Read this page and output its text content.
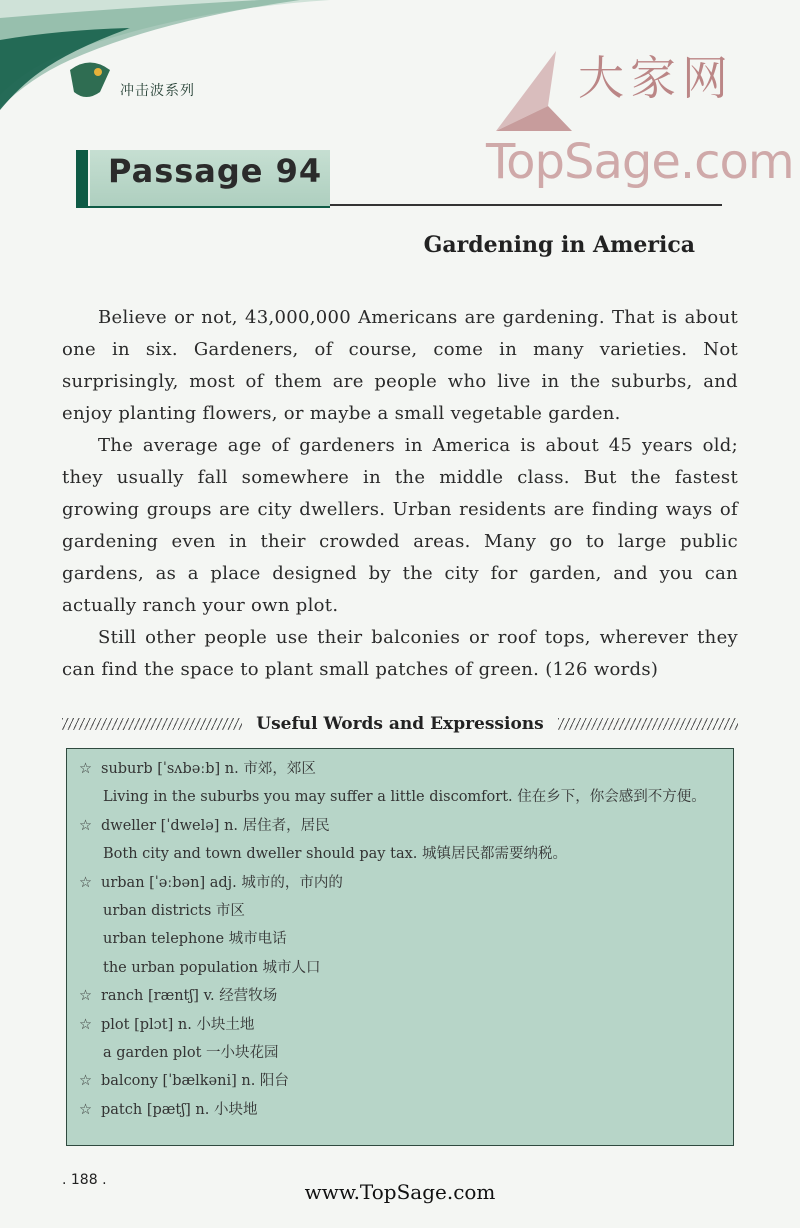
冲击波系列	大家网
TopSage.com
Passage 94
Gardening in America

Believe or not, 43,000,000 Americans are gardening. That is about one in six. Gardeners, of course, come in many varieties. Not surprisingly, most of them are people who live in the suburbs, and enjoy planting flowers, or maybe a small vegetable garden.

The average age of gardeners in America is about 45 years old; they usually fall somewhere in the middle class. But the fastest growing groups are city dwellers. Urban residents are finding ways of gardening even in their crowded areas. Many go to large public gardens, as a place designed by the city for garden, and you can actually ranch your own plot.

Still other people use their balconies or roof tops, wherever they can find the space to plant small patches of green. (126 words)

Useful Words and Expressions
☆ suburb [ˈsʌbəːb] n. 市郊，郊区
Living in the suburbs you may suffer a little discomfort. 住在乡下，你会感到不方便。
☆ dweller [ˈdwelə] n. 居住者，居民
Both city and town dweller should pay tax. 城镇居民都需要纳税。
☆ urban [ˈəːbən] adj. 城市的，市内的
urban districts 市区
urban telephone 城市电话
the urban population 城市人口
☆ ranch [ræntʃ] v. 经营牧场
☆ plot [plɔt] n. 小块土地
a garden plot 一小块花园
☆ balcony [ˈbælkəni] n. 阳台
☆ patch [pætʃ] n. 小块地
. 188 .	www.TopSage.com
